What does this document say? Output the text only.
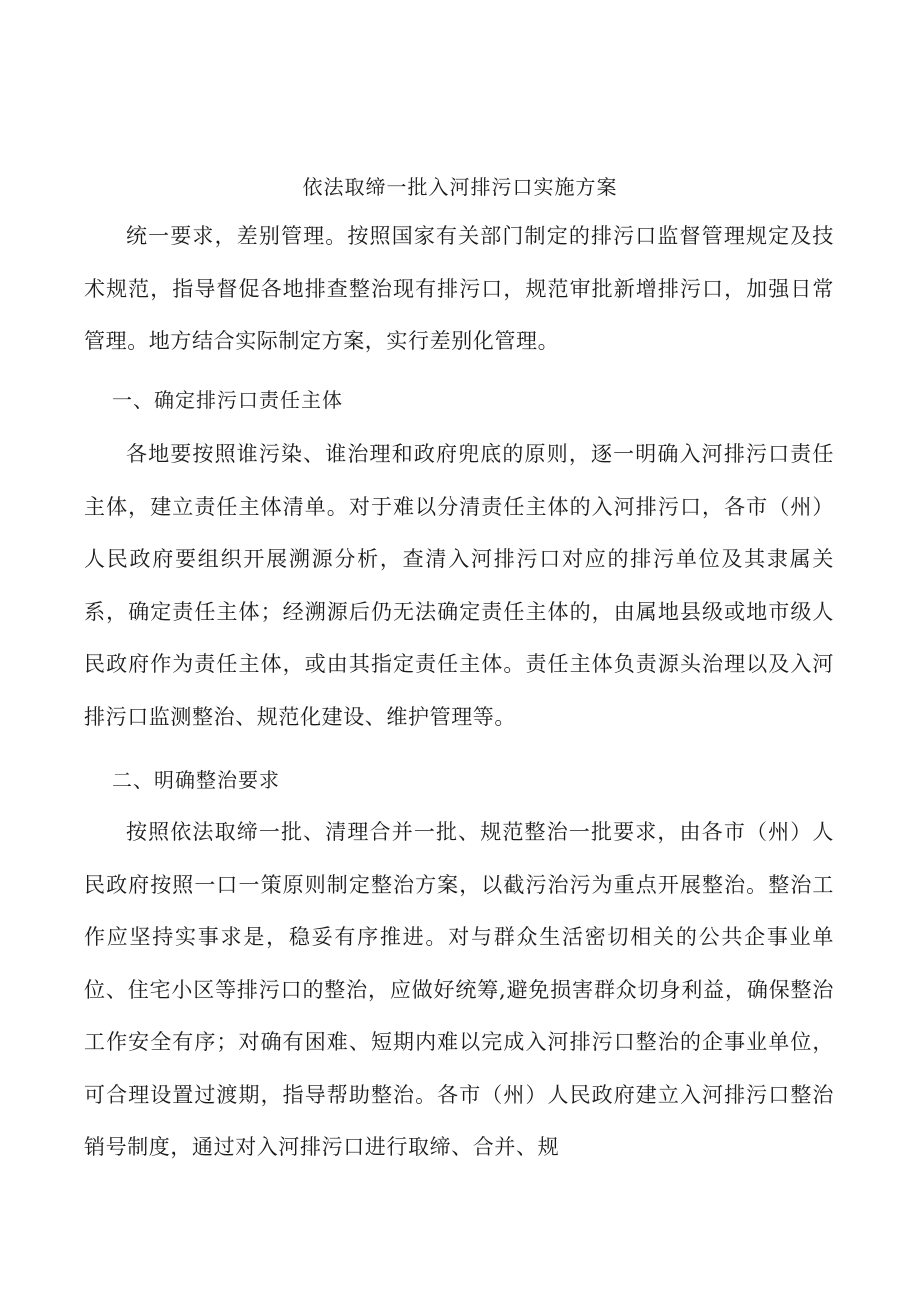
依法取缔一批入河排污口实施方案

统一要求，差别管理。按照国家有关部门制定的排污口监督管理规定及技术规范，指导督促各地排查整治现有排污口，规范审批新增排污口，加强日常管理。地方结合实际制定方案，实行差别化管理。

一、确定排污口责任主体

各地要按照谁污染、谁治理和政府兜底的原则，逐一明确入河排污口责任主体，建立责任主体清单。对于难以分清责任主体的入河排污口，各市（州）人民政府要组织开展溯源分析，查清入河排污口对应的排污单位及其隶属关系，确定责任主体；经溯源后仍无法确定责任主体的，由属地县级或地市级人民政府作为责任主体，或由其指定责任主体。责任主体负责源头治理以及入河排污口监测整治、规范化建设、维护管理等。

二、明确整治要求

按照依法取缔一批、清理合并一批、规范整治一批要求，由各市（州）人民政府按照一口一策原则制定整治方案，以截污治污为重点开展整治。整治工作应坚持实事求是，稳妥有序推进。对与群众生活密切相关的公共企事业单位、住宅小区等排污口的整治，应做好统筹,避免损害群众切身利益，确保整治工作安全有序；对确有困难、短期内难以完成入河排污口整治的企事业单位，可合理设置过渡期，指导帮助整治。各市（州）人民政府建立入河排污口整治销号制度，通过对入河排污口进行取缔、合并、规
